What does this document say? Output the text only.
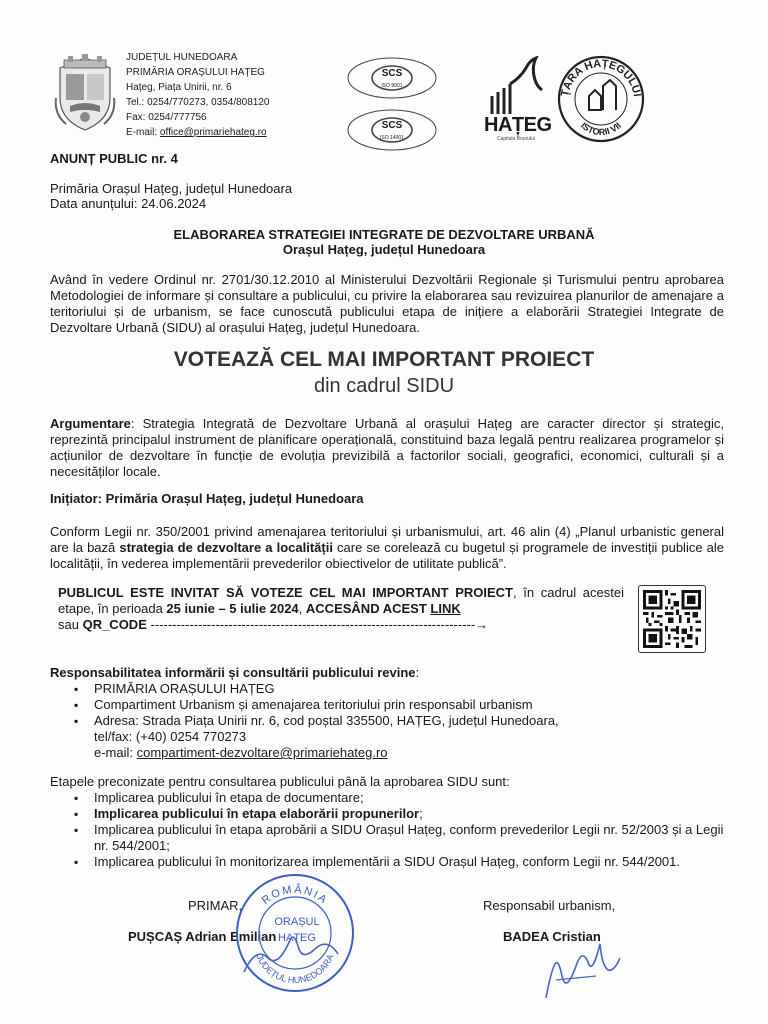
JUDEȚUL HUNEDOARA
PRIMĂRIA ORAȘULUI HAȚEG
Hațeg, Piața Unirii, nr. 6
Tel.: 0254/770273, 0354/808120
Fax: 0254/777756
E-mail: office@primariehateg.ro
SCS
ISO 9001
SCS
ISO 14001
HAȚEG
Capitala Bourului
ȚARA HAȚEGULUI
ISTORII VII
ANUNȚ PUBLIC nr. 4
Primăria Orașul Hațeg, județul Hunedoara
Data anunțului: 24.06.2024
ELABORAREA STRATEGIEI INTEGRATE DE DEZVOLTARE URBANĂ
Orașul Hațeg, județul Hunedoara
Având în vedere Ordinul nr. 2701/30.12.2010 al Ministerului Dezvoltării Regionale și Turismului pentru aprobarea Metodologiei de informare și consultare a publicului, cu privire la elaborarea sau revizuirea planurilor de amenajare a teritoriului și de urbanism, se face cunoscută publicului etapa de inițiere a elaborării Strategiei Integrate de Dezvoltare Urbană (SIDU) al orașului Hațeg, județul Hunedoara.
VOTEAZĂ CEL MAI IMPORTANT PROIECT
din cadrul SIDU
Argumentare: Strategia Integrată de Dezvoltare Urbană al orașului Hațeg are caracter director și strategic, reprezintă principalul instrument de planificare operațională, constituind baza legală pentru realizarea programelor și acțiunilor de dezvoltare în funcție de evoluția previzibilă a factorilor sociali, geografici, economici, culturali și a necesităților locale.
Inițiator: Primăria Orașul Hațeg, județul Hunedoara
Conform Legii nr. 350/2001 privind amenajarea teritoriului și urbanismului, art. 46 alin (4) „Planul urbanistic general are la bază strategia de dezvoltare a localității care se corelează cu bugetul și programele de investiții publice ale localității, în vederea implementării prevederilor obiectivelor de utilitate publică”.
PUBLICUL ESTE INVITAT SĂ VOTEZE CEL MAI IMPORTANT PROIECT, în cadrul acestei etape, în perioada 25 iunie – 5 iulie 2024, ACCESÂND ACEST LINK
sau QR_CODE ---------------------------------------------------------------------------→
Responsabilitatea informării și consultării publicului revine:
▪ PRIMĂRIA ORAȘULUI HAȚEG
▪ Compartiment Urbanism și amenajarea teritoriului prin responsabil urbanism
▪ Adresa: Strada Piața Unirii nr. 6, cod poștal 335500, HAȚEG, județul Hunedoara,
tel/fax: (+40) 0254 770273
e-mail: compartiment-dezvoltare@primariehateg.ro
Etapele preconizate pentru consultarea publicului până la aprobarea SIDU sunt:
▪ Implicarea publicului în etapa de documentare;
▪ Implicarea publicului în etapa elaborării propunerilor;
▪ Implicarea publicului în etapa aprobării a SIDU Orașul Hațeg, conform prevederilor Legii nr. 52/2003 și a Legii nr. 544/2001;
▪ Implicarea publicului în monitorizarea implementării a SIDU Orașul Hațeg, conform Legii nr. 544/2001.
PRIMAR,
PUȘCAȘ Adrian Emilian
Responsabil urbanism,
BADEA Cristian
ROMÂNIA
JUDEȚUL HUNEDOARA
ORAȘUL
HAȚEG
